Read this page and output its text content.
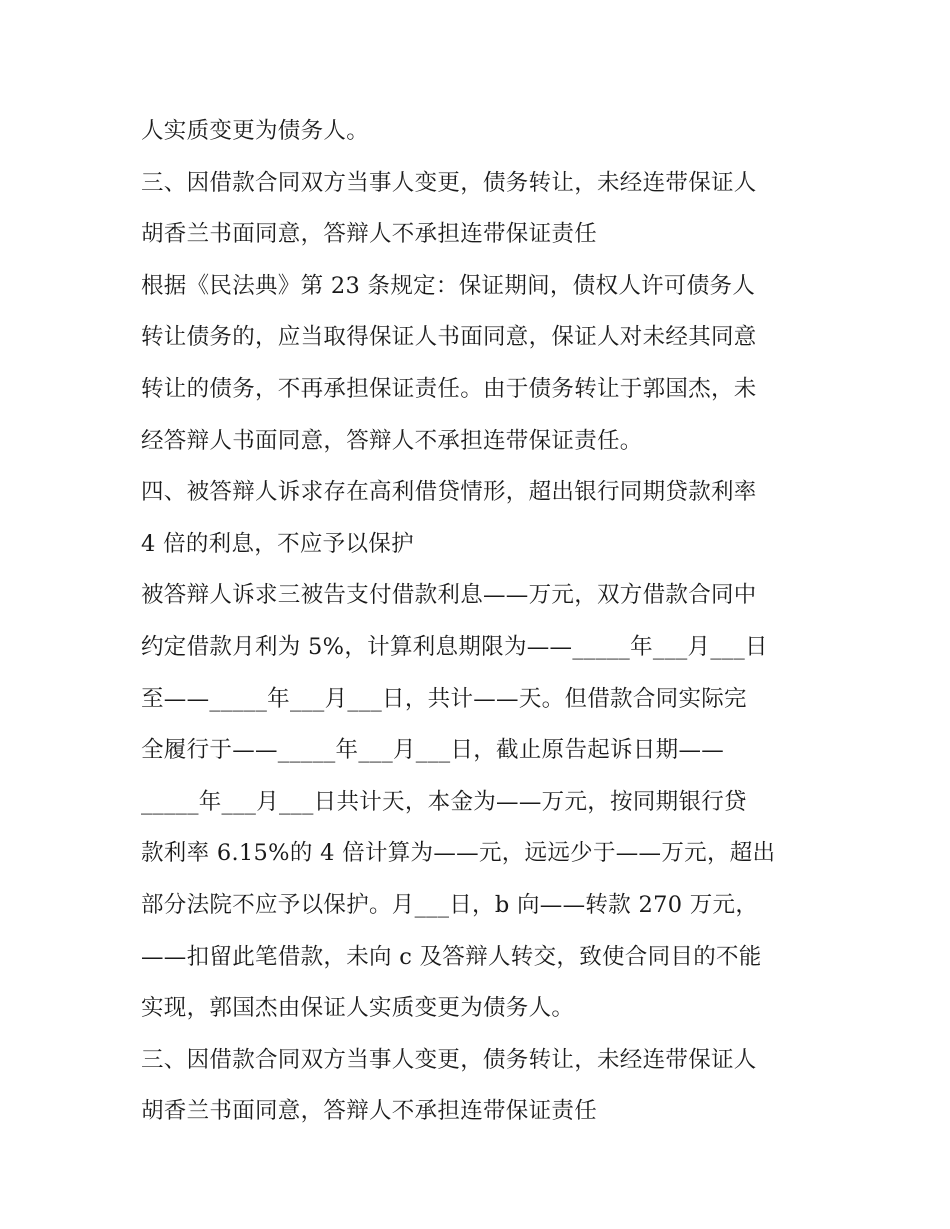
人实质变更为债务人。
三、因借款合同双方当事人变更，债务转让，未经连带保证人
胡香兰书面同意，答辩人不承担连带保证责任
根据《民法典》第 23 条规定：保证期间，债权人许可债务人
转让债务的，应当取得保证人书面同意，保证人对未经其同意
转让的债务，不再承担保证责任。由于债务转让于郭国杰，未
经答辩人书面同意，答辩人不承担连带保证责任。
四、被答辩人诉求存在高利借贷情形，超出银行同期贷款利率
4 倍的利息，不应予以保护
被答辩人诉求三被告支付借款利息——万元，双方借款合同中
约定借款月利为 5%，计算利息期限为——_____年___月___日
至——_____年___月___日，共计——天。但借款合同实际完
全履行于——_____年___月___日，截止原告起诉日期——
_____年___月___日共计天，本金为——万元，按同期银行贷
款利率 6.15%的 4 倍计算为——元，远远少于——万元，超出
部分法院不应予以保护。月___日，b 向——转款 270 万元，
——扣留此笔借款，未向 c 及答辩人转交，致使合同目的不能
实现，郭国杰由保证人实质变更为债务人。
三、因借款合同双方当事人变更，债务转让，未经连带保证人
胡香兰书面同意，答辩人不承担连带保证责任
